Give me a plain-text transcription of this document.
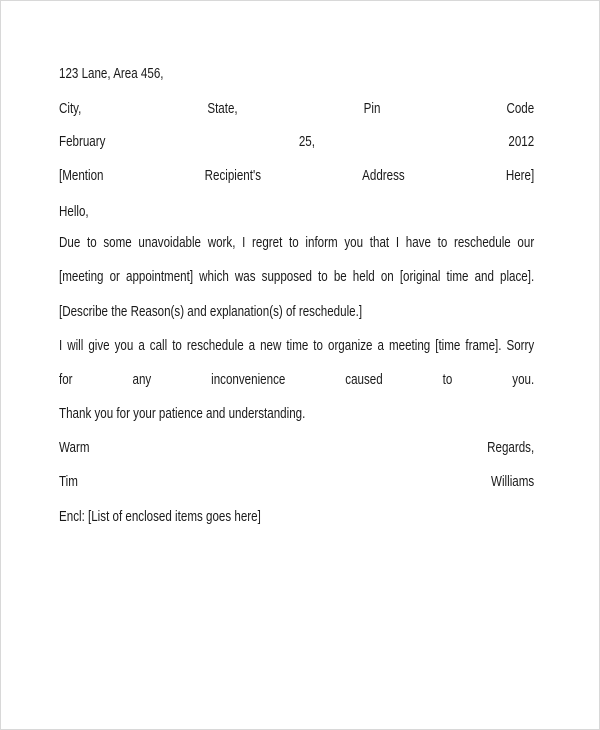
123 Lane, Area 456,
City,	State,	Pin	Code
February	25,	2012
[Mention	Recipient's	Address	Here]
Hello,
Due to some unavoidable work, I regret to inform you that I have to reschedule our
[meeting or appointment] which was supposed to be held on [original time and place].
[Describe the Reason(s) and explanation(s) of reschedule.]
I will give you a call to reschedule a new time to organize a meeting [time frame]. Sorry
for	any	inconvenience	caused	to	you.
Thank you for your patience and understanding.
Warm	Regards,
Tim	Williams
Encl: [List of enclosed items goes here]
